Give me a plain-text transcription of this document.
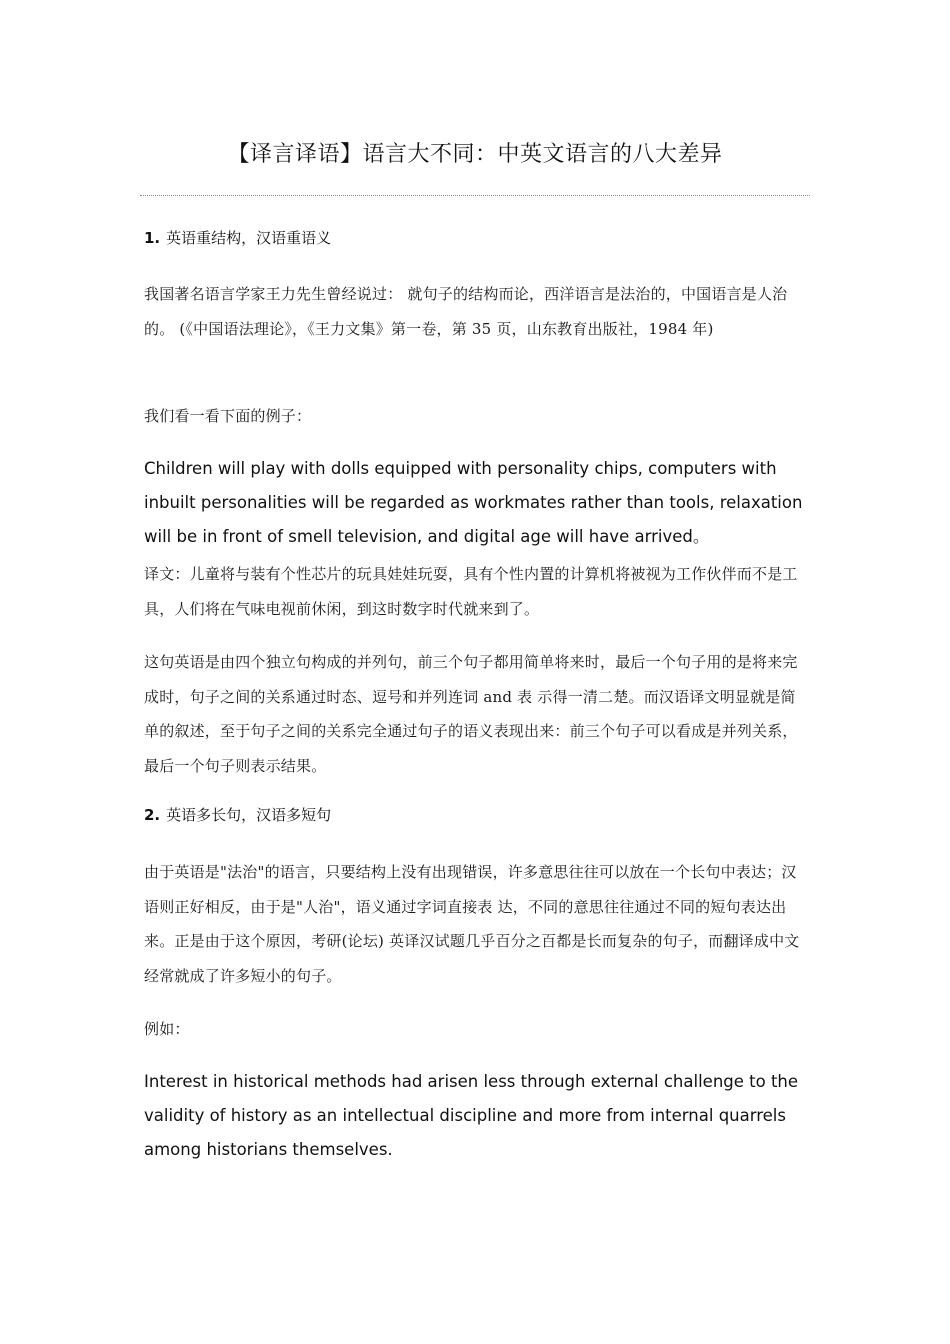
【译言译语】语言大不同：中英文语言的八大差异
1. 英语重结构，汉语重语义

我国著名语言学家王力先生曾经说过： 就句子的结构而论，西洋语言是法治的，中国语言是人治的。 (《中国语法理论》，《王力文集》第一卷，第 35 页，山东教育出版社，1984 年)

我们看一看下面的例子：

Children will play with dolls equipped with personality chips, computers with inbuilt personalities will be regarded as workmates rather than tools, relaxation will be in front of smell television, and digital age will have arrived。

译文：儿童将与装有个性芯片的玩具娃娃玩耍，具有个性内置的计算机将被视为工作伙伴而不是工具，人们将在气味电视前休闲，到这时数字时代就来到了。

这句英语是由四个独立句构成的并列句，前三个句子都用简单将来时，最后一个句子用的是将来完成时，句子之间的关系通过时态、逗号和并列连词 and 表 示得一清二楚。而汉语译文明显就是简单的叙述，至于句子之间的关系完全通过句子的语义表现出来：前三个句子可以看成是并列关系，最后一个句子则表示结果。

2. 英语多长句，汉语多短句

由于英语是"法治"的语言，只要结构上没有出现错误，许多意思往往可以放在一个长句中表达；汉语则正好相反，由于是"人治"，语义通过字词直接表 达，不同的意思往往通过不同的短句表达出来。正是由于这个原因，考研(论坛) 英译汉试题几乎百分之百都是长而复杂的句子，而翻译成中文经常就成了许多短小的句子。

例如：

Interest in historical methods had arisen less through external challenge to the validity of history as an intellectual discipline and more from internal quarrels among historians themselves.
